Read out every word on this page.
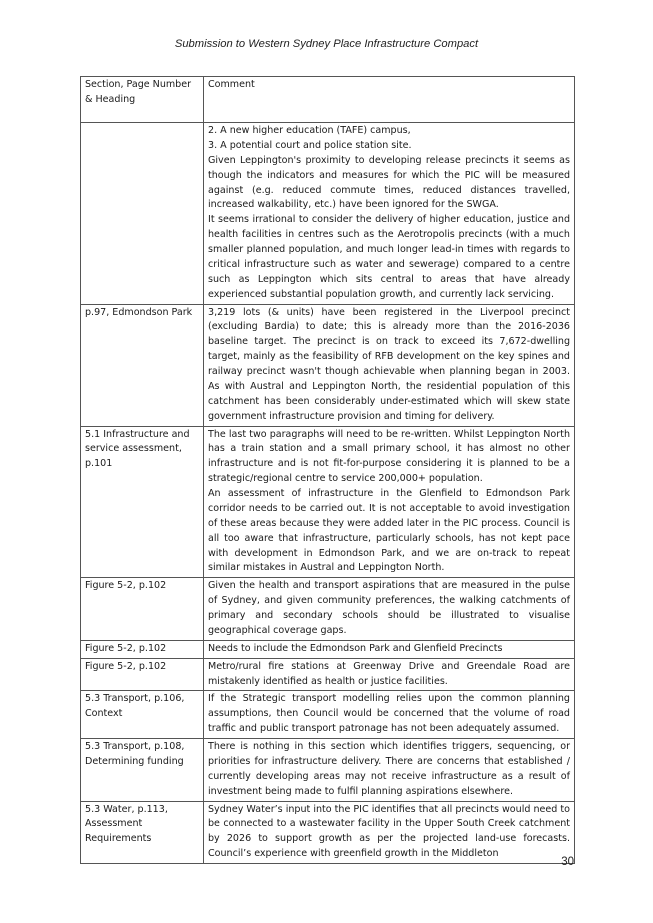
Submission to Western Sydney Place Infrastructure Compact
Section, Page Number & Heading	Comment

	2. A new higher education (TAFE) campus,
3. A potential court and police station site.
Given Leppington's proximity to developing release precincts it seems as though the indicators and measures for which the PIC will be measured against (e.g. reduced commute times, reduced distances travelled, increased walkability, etc.) have been ignored for the SWGA.
It seems irrational to consider the delivery of higher education, justice and health facilities in centres such as the Aerotropolis precincts (with a much smaller planned population, and much longer lead-in times with regards to critical infrastructure such as water and sewerage) compared to a centre such as Leppington which sits central to areas that have already experienced substantial population growth, and currently lack servicing.

p.97, Edmondson Park	3,219 lots (& units) have been registered in the Liverpool precinct (excluding Bardia) to date; this is already more than the 2016-2036 baseline target. The precinct is on track to exceed its 7,672-dwelling target, mainly as the feasibility of RFB development on the key spines and railway precinct wasn't though achievable when planning began in 2003. As with Austral and Leppington North, the residential population of this catchment has been considerably under-estimated which will skew state government infrastructure provision and timing for delivery.

5.1 Infrastructure and service assessment, p.101	The last two paragraphs will need to be re-written. Whilst Leppington North has a train station and a small primary school, it has almost no other infrastructure and is not fit-for-purpose considering it is planned to be a strategic/regional centre to service 200,000+ population.
An assessment of infrastructure in the Glenfield to Edmondson Park corridor needs to be carried out. It is not acceptable to avoid investigation of these areas because they were added later in the PIC process. Council is all too aware that infrastructure, particularly schools, has not kept pace with development in Edmondson Park, and we are on-track to repeat similar mistakes in Austral and Leppington North.

Figure 5-2, p.102	Given the health and transport aspirations that are measured in the pulse of Sydney, and given community preferences, the walking catchments of primary and secondary schools should be illustrated to visualise geographical coverage gaps.

Figure 5-2, p.102	Needs to include the Edmondson Park and Glenfield Precincts

Figure 5-2, p.102	Metro/rural fire stations at Greenway Drive and Greendale Road are mistakenly identified as health or justice facilities.

5.3 Transport, p.106, Context	If the Strategic transport modelling relies upon the common planning assumptions, then Council would be concerned that the volume of road traffic and public transport patronage has not been adequately assumed.

5.3 Transport, p.108, Determining funding	There is nothing in this section which identifies triggers, sequencing, or priorities for infrastructure delivery. There are concerns that established / currently developing areas may not receive infrastructure as a result of investment being made to fulfil planning aspirations elsewhere.

5.3 Water, p.113, Assessment Requirements	Sydney Water’s input into the PIC identifies that all precincts would need to be connected to a wastewater facility in the Upper South Creek catchment by 2026 to support growth as per the projected land-use forecasts. Council’s experience with greenfield growth in the Middleton
30
